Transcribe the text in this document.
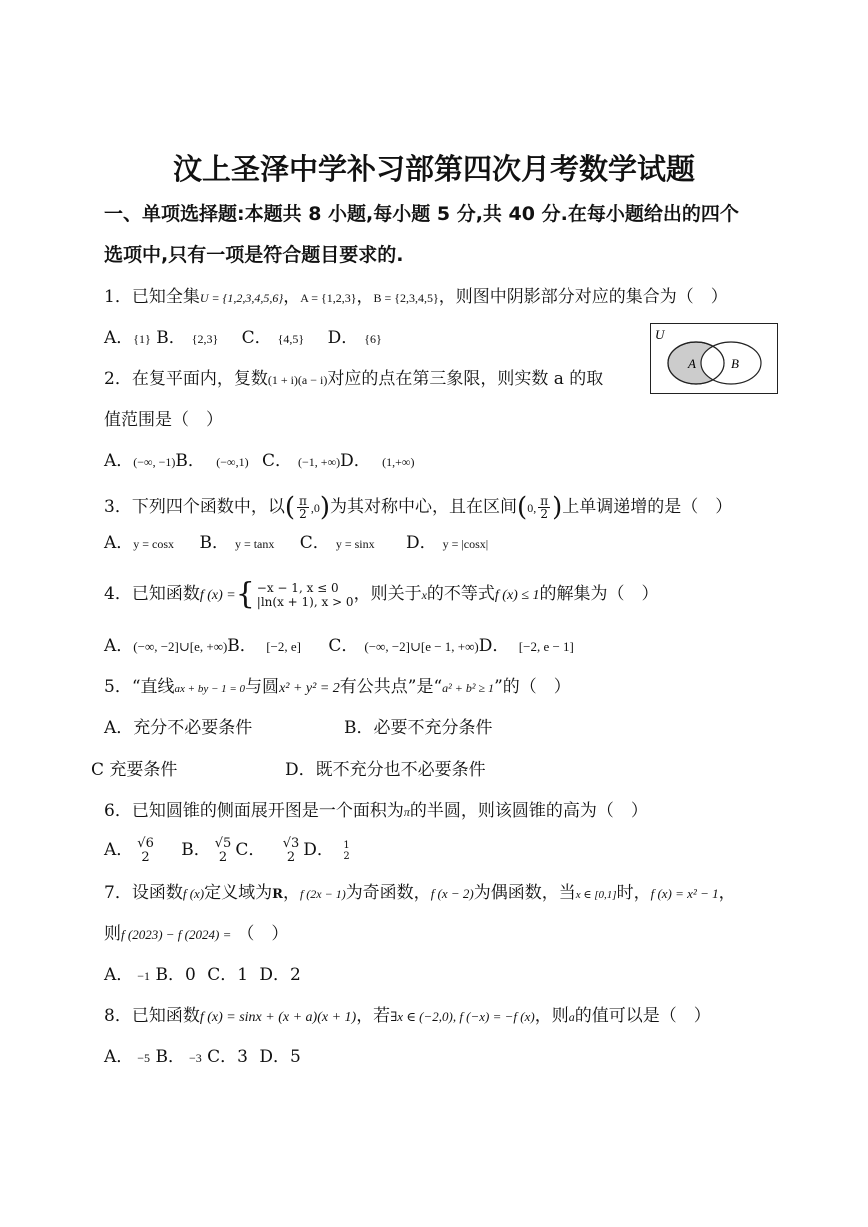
汶上圣泽中学补习部第四次月考数学试题
一、单项选择题:本题共 8 小题,每小题 5 分,共 40 分.在每小题给出的四个
选项中,只有一项是符合题目要求的.
1．已知全集U = {1,2,3,4,5,6}，A = {1,2,3}，B = {2,3,4,5}，则图中阴影部分对应的集合为（　）
A．{1} B． {2,3} C． {4,5} D． {6}	U
A	B
2．在复平面内，复数(1 + i)(a − i)对应的点在第三象限，则实数 a 的取
值范围是（　）
A．(−∞, −1)B． (−∞,1) C． (−1, +∞)D． (1,+∞)
3．下列四个函数中，以( $\frac{\pi}{2} ,0$)为其对称中心，且在区间(0, $\frac{\pi}{2}$ )上单调递增的是（　）
A．y = cosx B． y = tanx C． y = sinx D． y = |cosx|
4．已知函数f (x) ={ −x − 1, x ≤ 0
|ln(x + 1), x > 0 ，则关于x的不等式f (x) ≤ 1的解集为（　）
A．(−∞, −2]∪[e, +∞)B． [−2, e] C． (−∞, −2]∪[e − 1, +∞)D． [−2, e − 1]
5．“直线ax + by − 1 = 0与圆x² + y² = 2有公共点”是“a² + b² ≥ 1”的（　）
A．充分不必要条件	B．必要不充分条件
C 充要条件	D．既不充分也不必要条件
6．已知圆锥的侧面展开图是一个面积为π的半圆，则该圆锥的高为（　）
A． √6
2	B． √5
2 C． √3
2 D． 1
2
7．设函数f (x)定义域为R，f (2x − 1)为奇函数，f (x − 2)为偶函数，当x ∈ [0,1]时，f (x) = x² − 1，
则f (2023) − f (2024) = （　）
A． −1 B．0 C．1 D．2
8．已知函数f (x) = sinx + (x + a)(x + 1)，若∃x ∈ (−2,0), f (−x) = −f (x)，则a的值可以是（　）
A． −5 B． −3 C．3 D．5
